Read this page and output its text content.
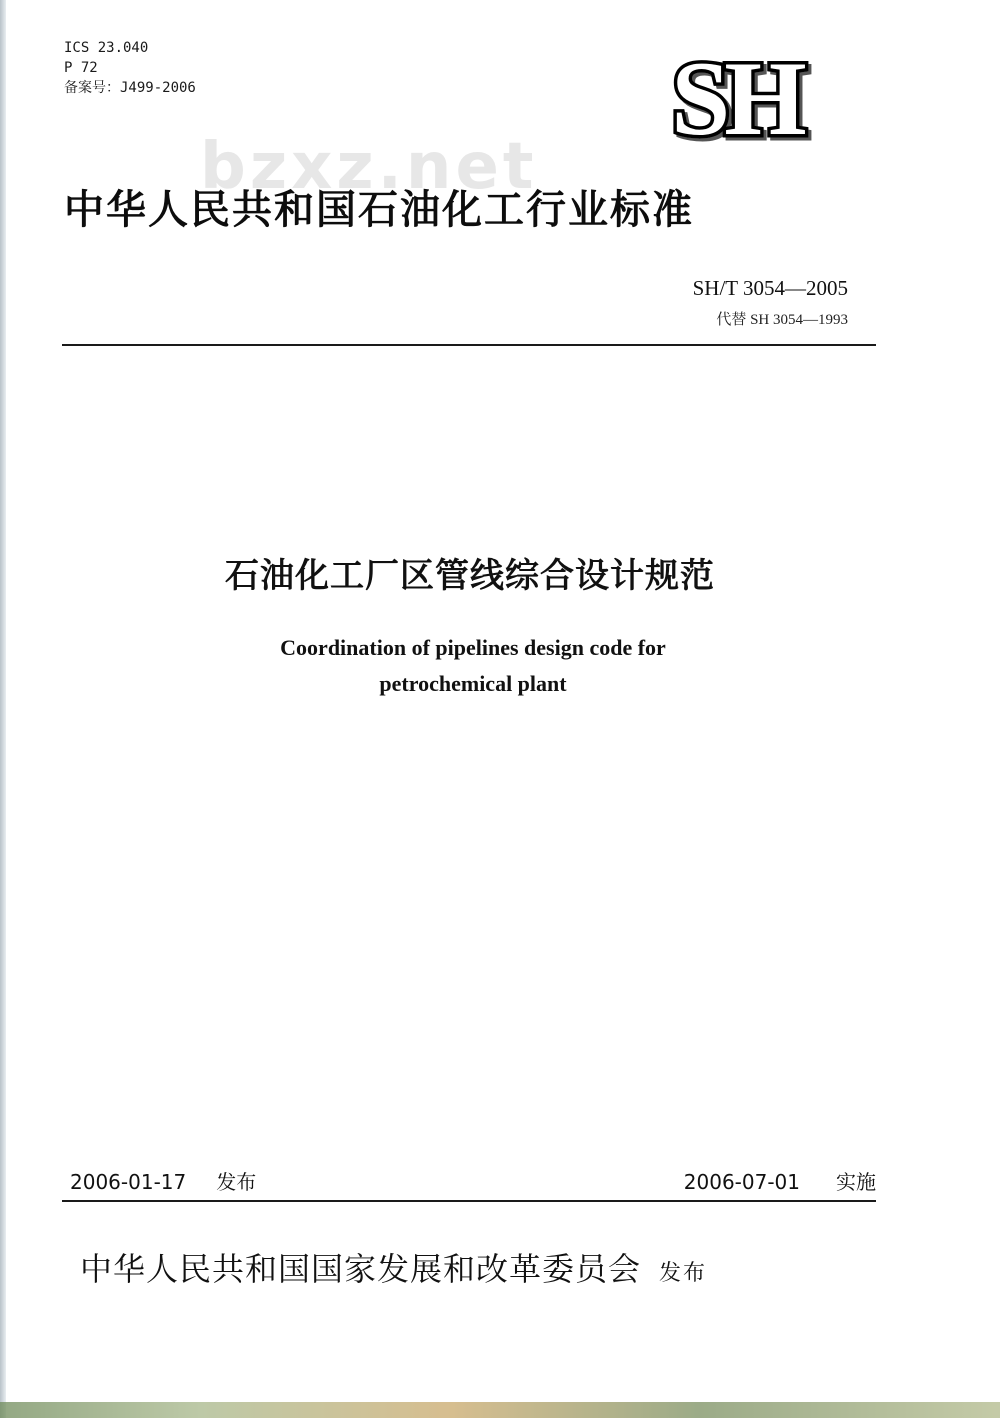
ICS 23.040
P 72
备案号：J499-2006	SH
bzxz.net
中华人民共和国石油化工行业标准
SH/T 3054—2005
代替 SH 3054—1993
石油化工厂区管线综合设计规范
Coordination of pipelines design code for
petrochemical plant
2006-01-17 发布	2006-07-01 实施
中华人民共和国国家发展和改革委员会 发布
